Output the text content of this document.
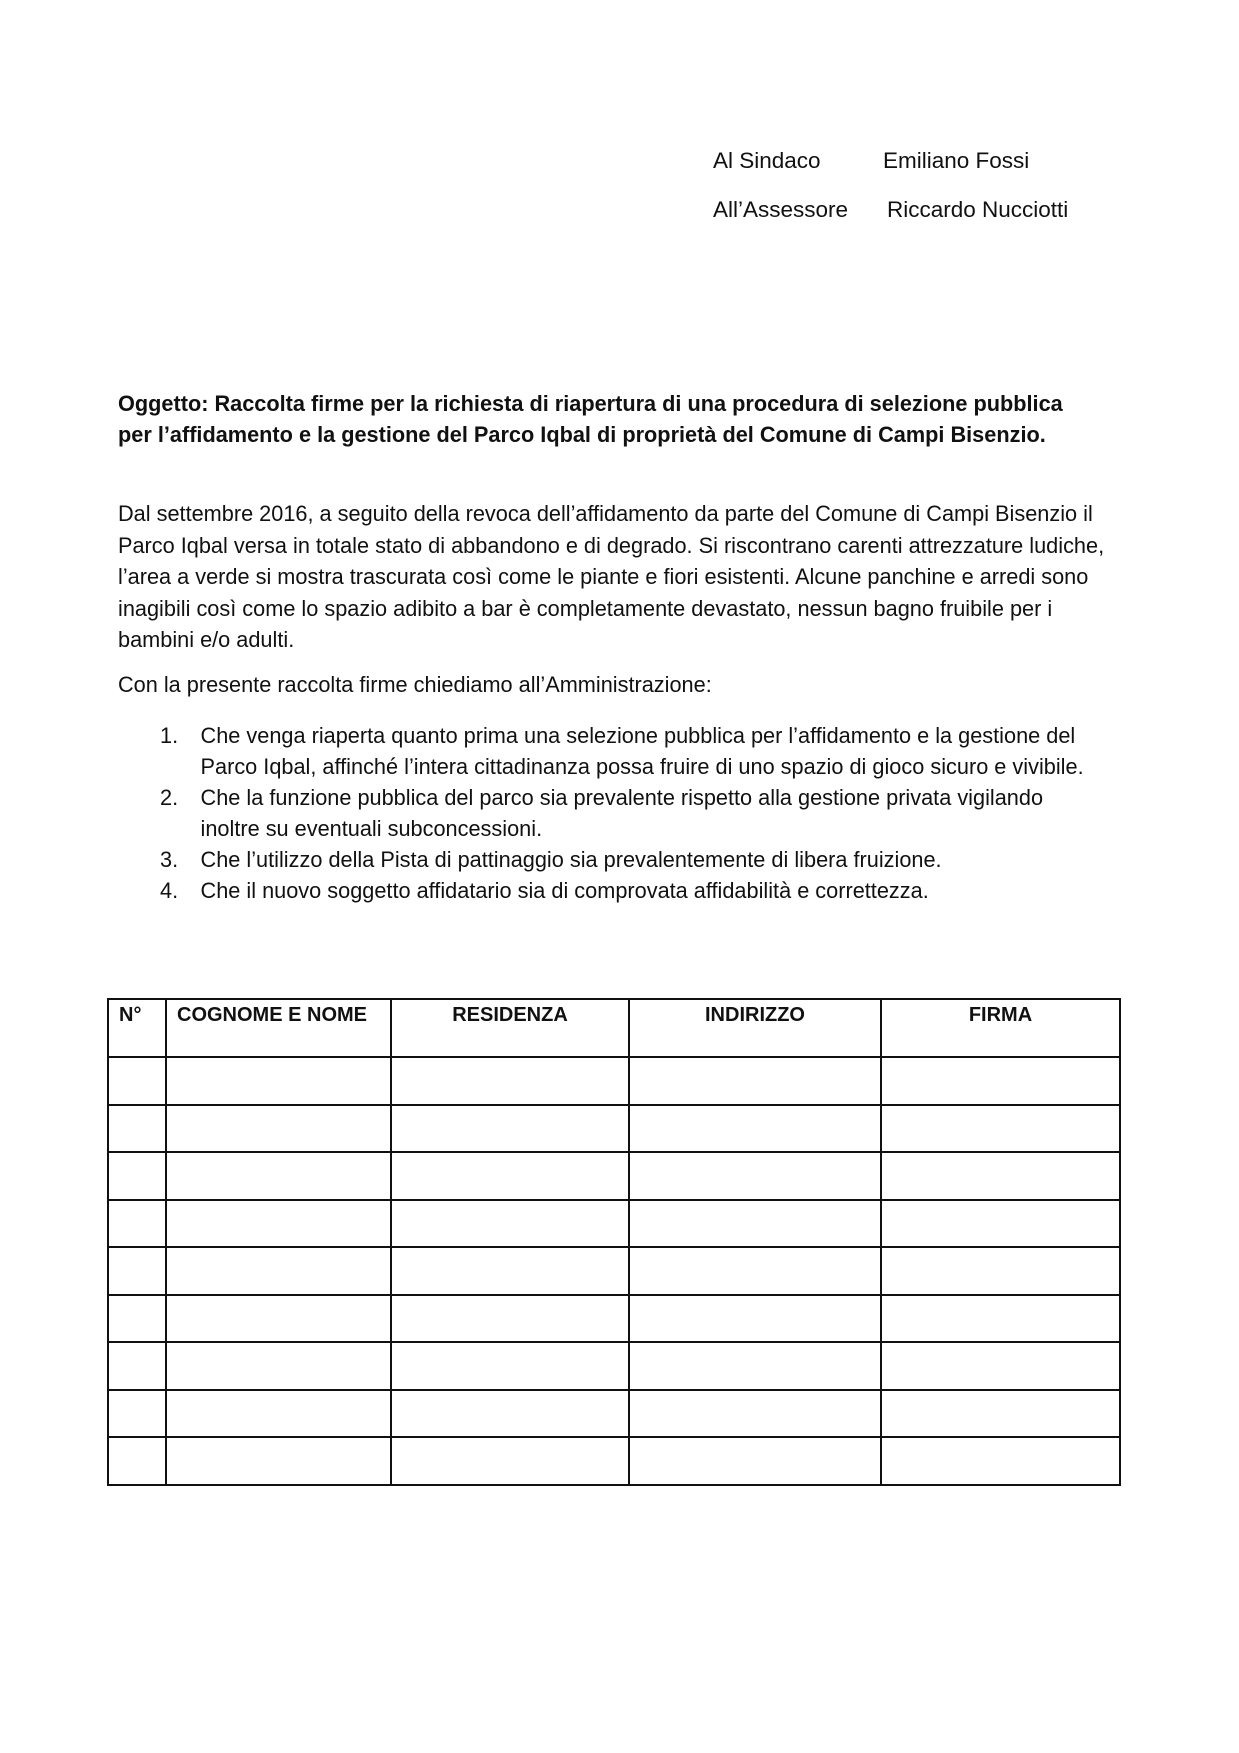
Al Sindaco	Emiliano Fossi
All’Assessore Riccardo Nucciotti
Oggetto: Raccolta firme per la richiesta di riapertura di una procedura di selezione pubblica per l’affidamento e la gestione del Parco Iqbal di proprietà del Comune di Campi Bisenzio.
Dal settembre 2016, a seguito della revoca dell’affidamento da parte del Comune di Campi Bisenzio il Parco Iqbal versa in totale stato di abbandono e di degrado. Si riscontrano carenti attrezzature ludiche, l’area a verde si mostra trascurata così come le piante e fiori esistenti. Alcune panchine e arredi sono inagibili così come lo spazio adibito a bar è completamente devastato, nessun bagno fruibile per i bambini e/o adulti.
Con la presente raccolta firme chiediamo all’Amministrazione:
1. Che venga riaperta quanto prima una selezione pubblica per l’affidamento e la gestione del Parco Iqbal, affinché l’intera cittadinanza possa fruire di uno spazio di gioco sicuro e vivibile.
2. Che la funzione pubblica del parco sia prevalente rispetto alla gestione privata vigilando inoltre su eventuali subconcessioni.
3. Che l’utilizzo della Pista di pattinaggio sia prevalentemente di libera fruizione.
4. Che il nuovo soggetto affidatario sia di comprovata affidabilità e correttezza.
N°	COGNOME E NOME	RESIDENZA	INDIRIZZO	FIRMA
